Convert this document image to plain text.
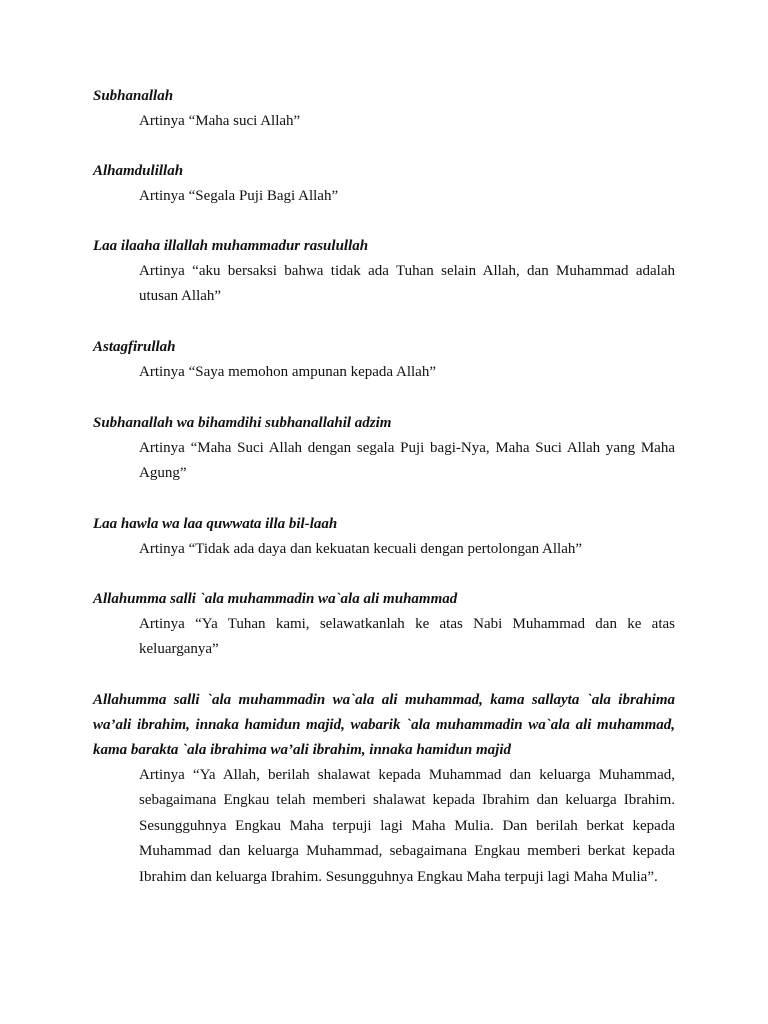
Subhanallah
Artinya “Maha suci Allah”
Alhamdulillah
Artinya “Segala Puji Bagi Allah”
Laa ilaaha illallah muhammadur rasulullah
Artinya “aku bersaksi bahwa tidak ada Tuhan selain Allah, dan Muhammad adalah utusan Allah”
Astagfirullah
Artinya “Saya memohon ampunan kepada Allah”
Subhanallah wa bihamdihi subhanallahil adzim
Artinya “Maha Suci Allah dengan segala Puji bagi-Nya, Maha Suci Allah yang Maha Agung”
Laa hawla wa laa quwwata illa bil-laah
Artinya “Tidak ada daya dan kekuatan kecuali dengan pertolongan Allah”
Allahumma salli `ala muhammadin wa`ala ali muhammad
Artinya “Ya Tuhan kami, selawatkanlah ke atas Nabi Muhammad dan ke atas keluarganya”
Allahumma salli `ala muhammadin wa`ala ali muhammad, kama sallayta `ala ibrahima wa’ali ibrahim, innaka hamidun majid, wabarik `ala muhammadin wa`ala ali muhammad, kama barakta `ala ibrahima wa’ali ibrahim, innaka hamidun majid
Artinya “Ya Allah, berilah shalawat kepada Muhammad dan keluarga Muhammad, sebagaimana Engkau telah memberi shalawat kepada Ibrahim dan keluarga Ibrahim. Sesungguhnya Engkau Maha terpuji lagi Maha Mulia. Dan berilah berkat kepada Muhammad dan keluarga Muhammad, sebagaimana Engkau memberi berkat kepada Ibrahim dan keluarga Ibrahim. Sesungguhnya Engkau Maha terpuji lagi Maha Mulia”.
